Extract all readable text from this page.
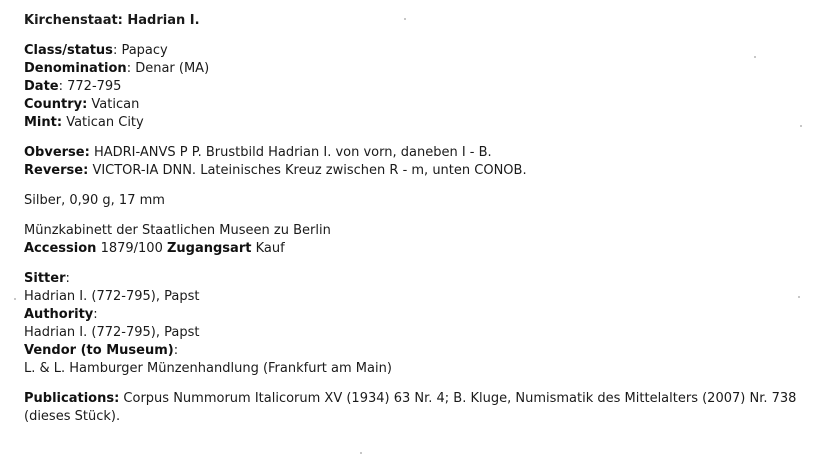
Kirchenstaat: Hadrian I.
Class/status: Papacy
Denomination: Denar (MA)
Date: 772-795
Country: Vatican
Mint: Vatican City
Obverse: HADRI-ANVS P P. Brustbild Hadrian I. von vorn, daneben I - B.
Reverse: VICTOR-IA DNN. Lateinisches Kreuz zwischen R - m, unten CONOB.
Silber, 0,90 g, 17 mm
Münzkabinett der Staatlichen Museen zu Berlin
Accession 1879/100 Zugangsart Kauf
Sitter:
Hadrian I. (772-795), Papst
Authority:
Hadrian I. (772-795), Papst
Vendor (to Museum):
L. & L. Hamburger Münzenhandlung (Frankfurt am Main)
Publications: Corpus Nummorum Italicorum XV (1934) 63 Nr. 4; B. Kluge, Numismatik des Mittelalters (2007) Nr. 738 (dieses Stück).
